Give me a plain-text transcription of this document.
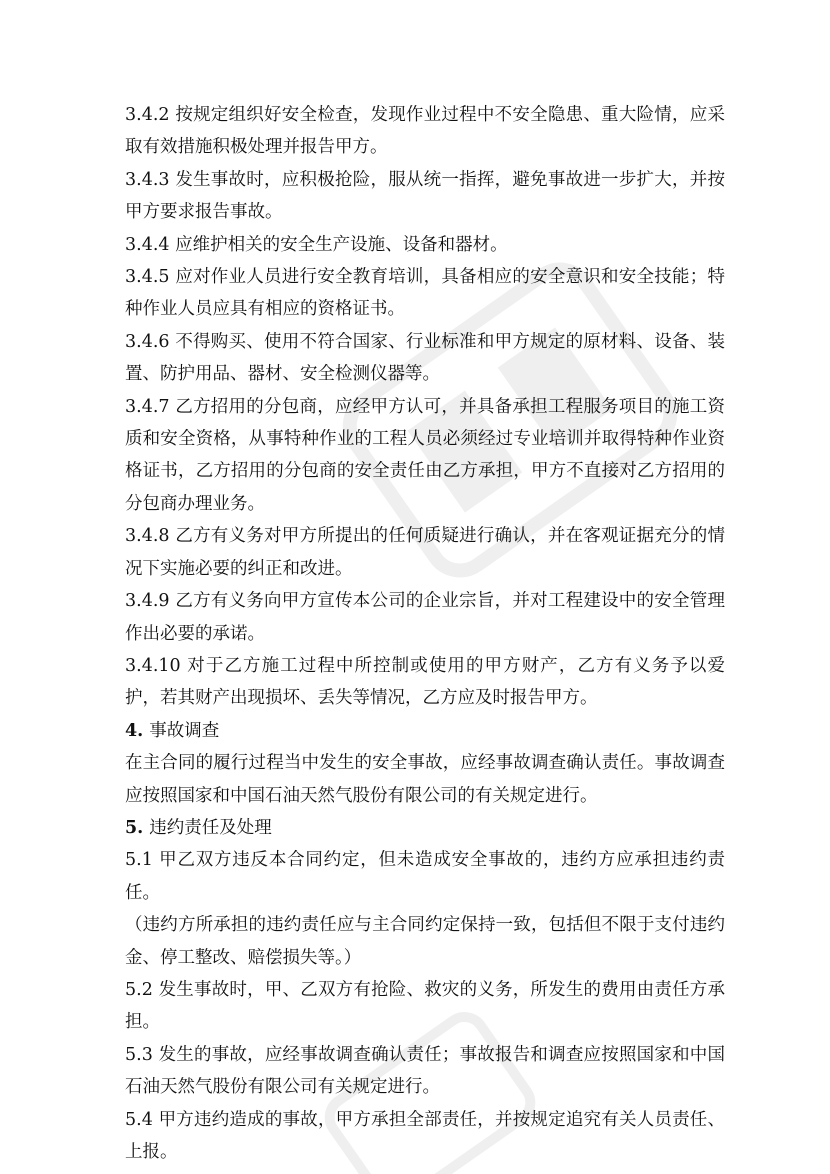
3.4.2 按规定组织好安全检查，发现作业过程中不安全隐患、重大险情，应采取有效措施积极处理并报告甲方。

3.4.3 发生事故时，应积极抢险，服从统一指挥，避免事故进一步扩大，并按甲方要求报告事故。

3.4.4 应维护相关的安全生产设施、设备和器材。

3.4.5 应对作业人员进行安全教育培训，具备相应的安全意识和安全技能；特种作业人员应具有相应的资格证书。

3.4.6 不得购买、使用不符合国家、行业标准和甲方规定的原材料、设备、装置、防护用品、器材、安全检测仪器等。

3.4.7 乙方招用的分包商，应经甲方认可，并具备承担工程服务项目的施工资质和安全资格，从事特种作业的工程人员必须经过专业培训并取得特种作业资格证书，乙方招用的分包商的安全责任由乙方承担，甲方不直接对乙方招用的分包商办理业务。

3.4.8 乙方有义务对甲方所提出的任何质疑进行确认，并在客观证据充分的情况下实施必要的纠正和改进。

3.4.9 乙方有义务向甲方宣传本公司的企业宗旨，并对工程建设中的安全管理作出必要的承诺。

3.4.10 对于乙方施工过程中所控制或使用的甲方财产，乙方有义务予以爱护，若其财产出现损坏、丢失等情况，乙方应及时报告甲方。

4. 事故调查

在主合同的履行过程当中发生的安全事故，应经事故调查确认责任。事故调查应按照国家和中国石油天然气股份有限公司的有关规定进行。

5. 违约责任及处理

5.1 甲乙双方违反本合同约定，但未造成安全事故的，违约方应承担违约责任。

（违约方所承担的违约责任应与主合同约定保持一致，包括但不限于支付违约金、停工整改、赔偿损失等。）

5.2 发生事故时，甲、乙双方有抢险、救灾的义务，所发生的费用由责任方承担。

5.3 发生的事故，应经事故调查确认责任；事故报告和调查应按照国家和中国石油天然气股份有限公司有关规定进行。

5.4 甲方违约造成的事故，甲方承担全部责任，并按规定追究有关人员责任、上报。
